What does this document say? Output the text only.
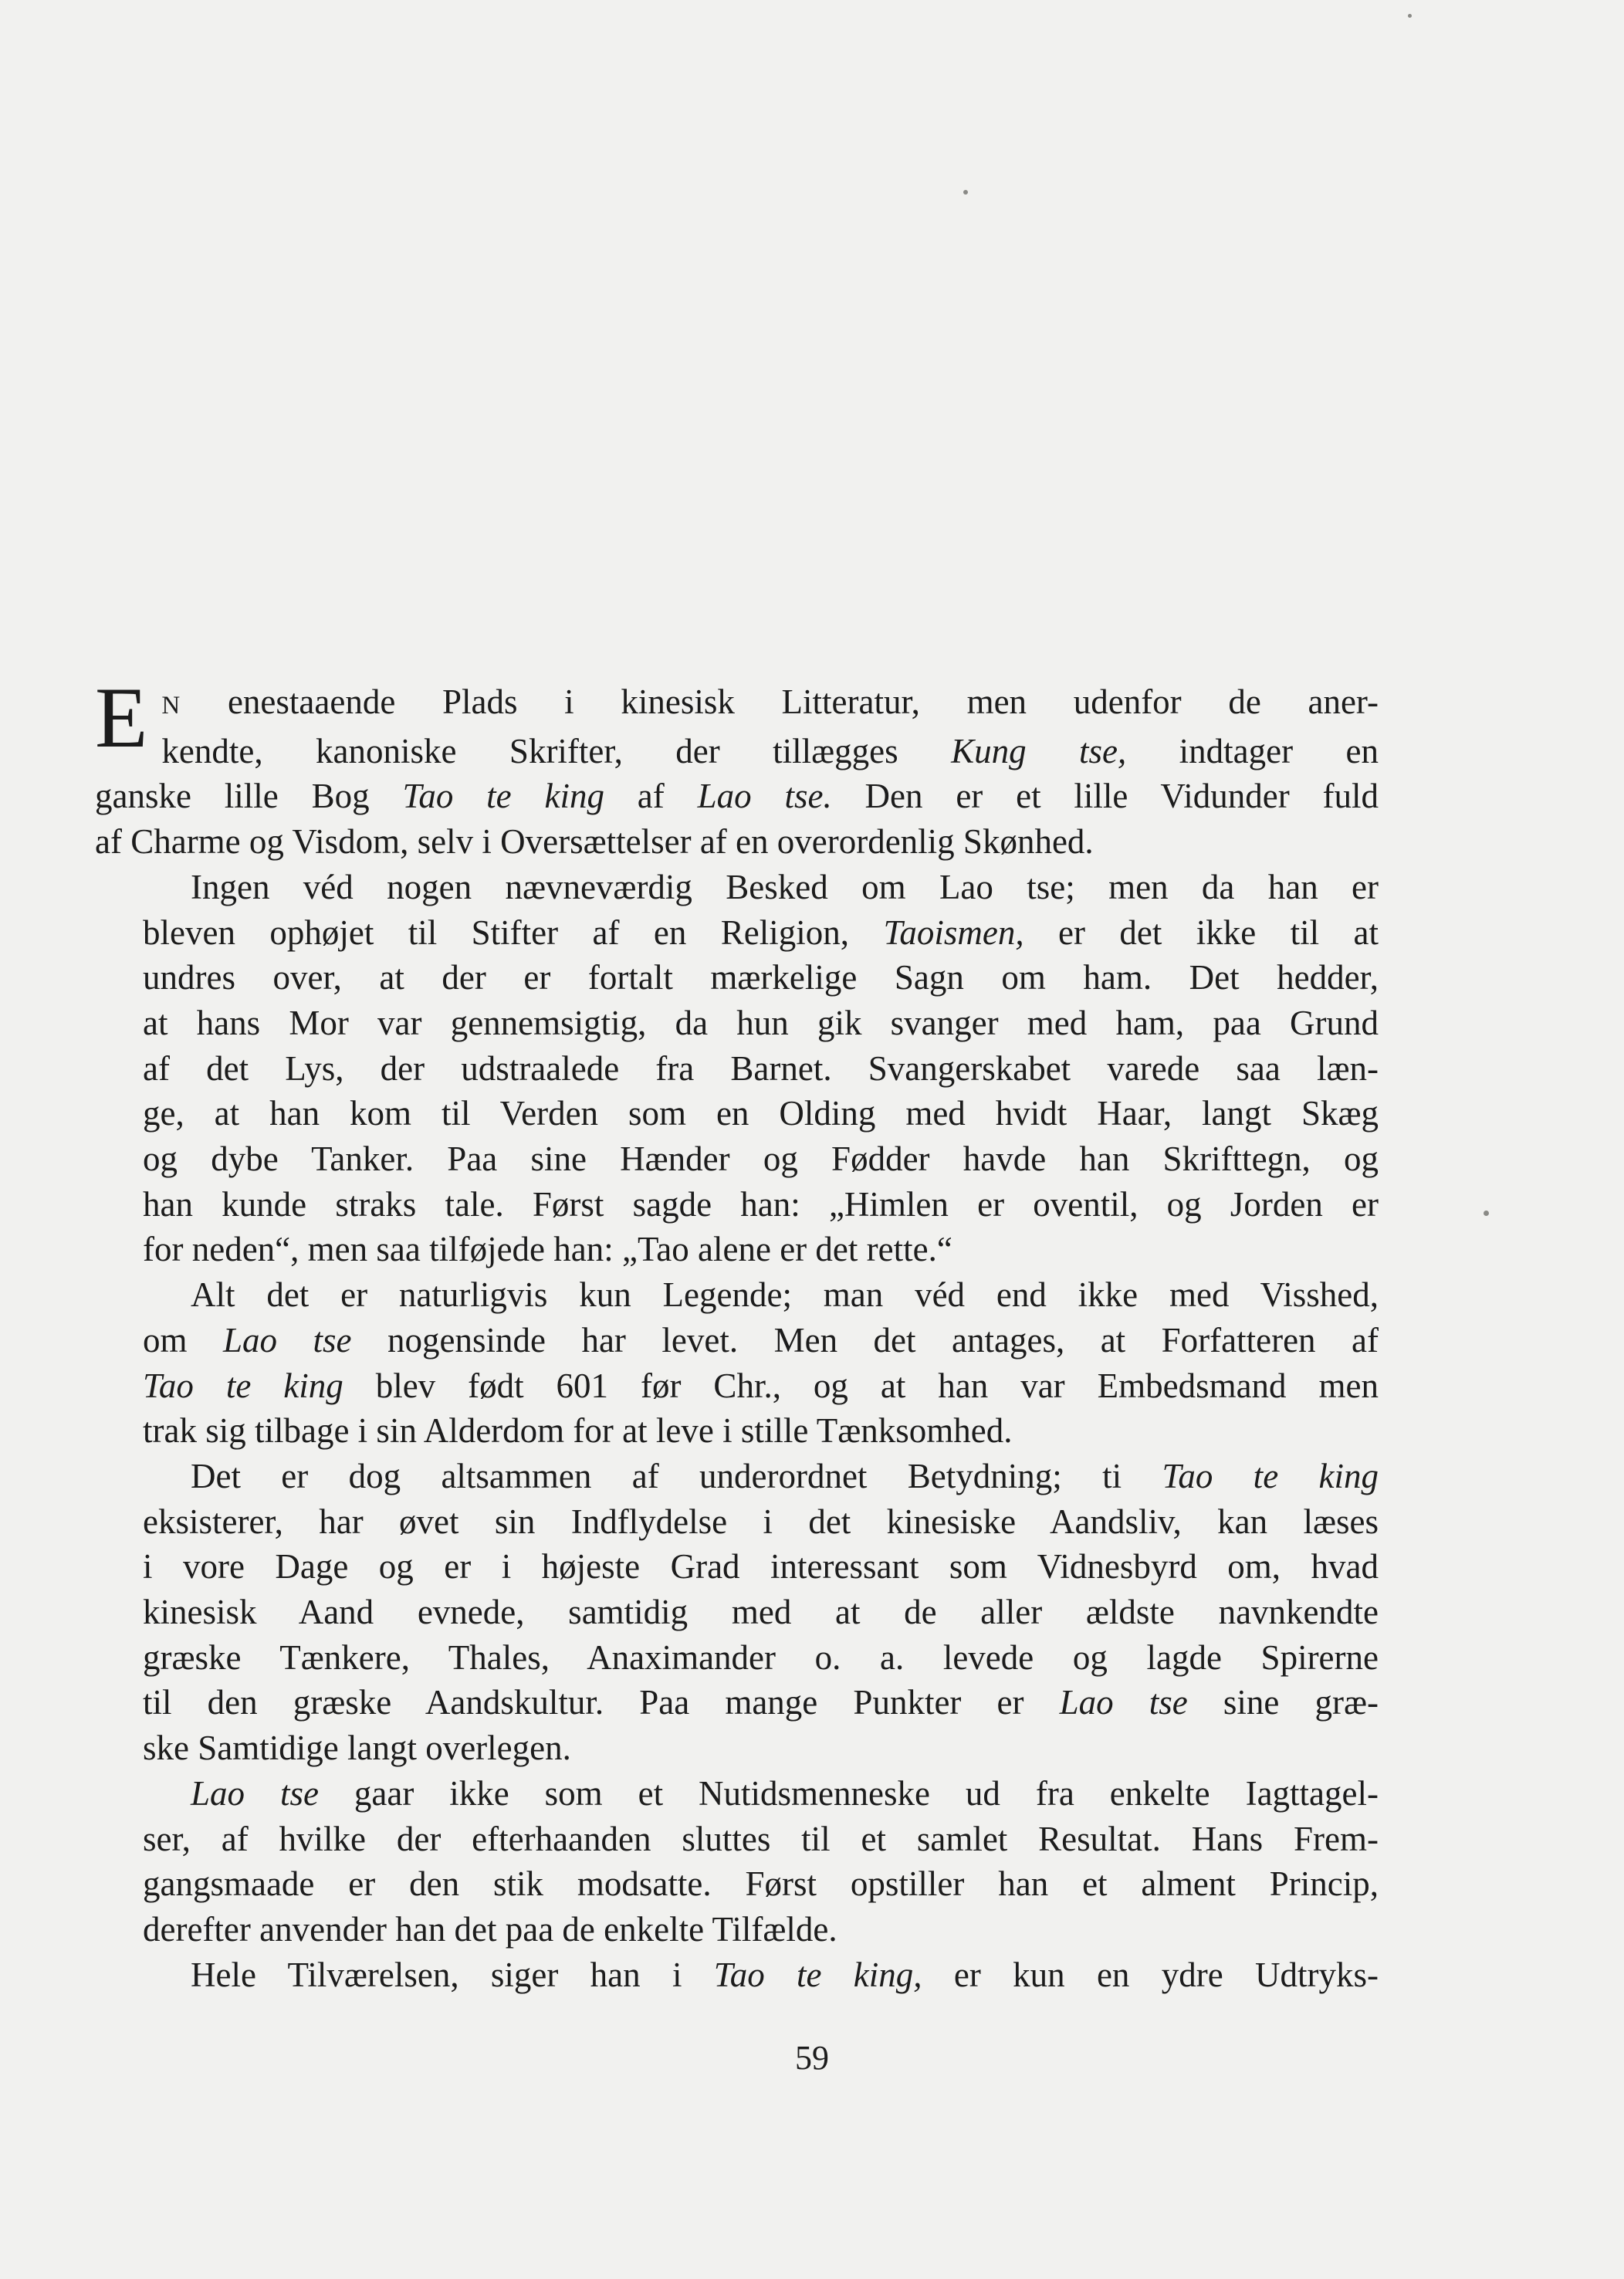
E N enestaaende Plads i kinesisk Litteratur, men udenfor de aner-
kendte, kanoniske Skrifter, der tillægges Kung tse, indtager en
ganske lille Bog Tao te king af Lao tse. Den er et lille Vidunder fuld
af Charme og Visdom, selv i Oversættelser af en overordenlig Skønhed.
Ingen véd nogen nævneværdig Besked om Lao tse; men da han er
bleven ophøjet til Stifter af en Religion, Taoismen, er det ikke til at
undres over, at der er fortalt mærkelige Sagn om ham. Det hedder,
at hans Mor var gennemsigtig, da hun gik svanger med ham, paa Grund
af det Lys, der udstraalede fra Barnet. Svangerskabet varede saa læn-
ge, at han kom til Verden som en Olding med hvidt Haar, langt Skæg
og dybe Tanker. Paa sine Hænder og Fødder havde han Skrifttegn, og
han kunde straks tale. Først sagde han: „Himlen er oventil, og Jorden er
for neden“, men saa tilføjede han: „Tao alene er det rette.“
Alt det er naturligvis kun Legende; man véd end ikke med Visshed,
om Lao tse nogensinde har levet. Men det antages, at Forfatteren af
Tao te king blev født 601 før Chr., og at han var Embedsmand men
trak sig tilbage i sin Alderdom for at leve i stille Tænksomhed.
Det er dog altsammen af underordnet Betydning; ti Tao te king
eksisterer, har øvet sin Indflydelse i det kinesiske Aandsliv, kan læses
i vore Dage og er i højeste Grad interessant som Vidnesbyrd om, hvad
kinesisk Aand evnede, samtidig med at de aller ældste navnkendte
græske Tænkere, Thales, Anaximander o. a. levede og lagde Spirerne
til den græske Aandskultur. Paa mange Punkter er Lao tse sine græ-
ske Samtidige langt overlegen.
Lao tse gaar ikke som et Nutidsmenneske ud fra enkelte Iagttagel-
ser, af hvilke der efterhaanden sluttes til et samlet Resultat. Hans Frem-
gangsmaade er den stik modsatte. Først opstiller han et alment Princip,
derefter anvender han det paa de enkelte Tilfælde.
Hele Tilværelsen, siger han i Tao te king, er kun en ydre Udtryks-
59
